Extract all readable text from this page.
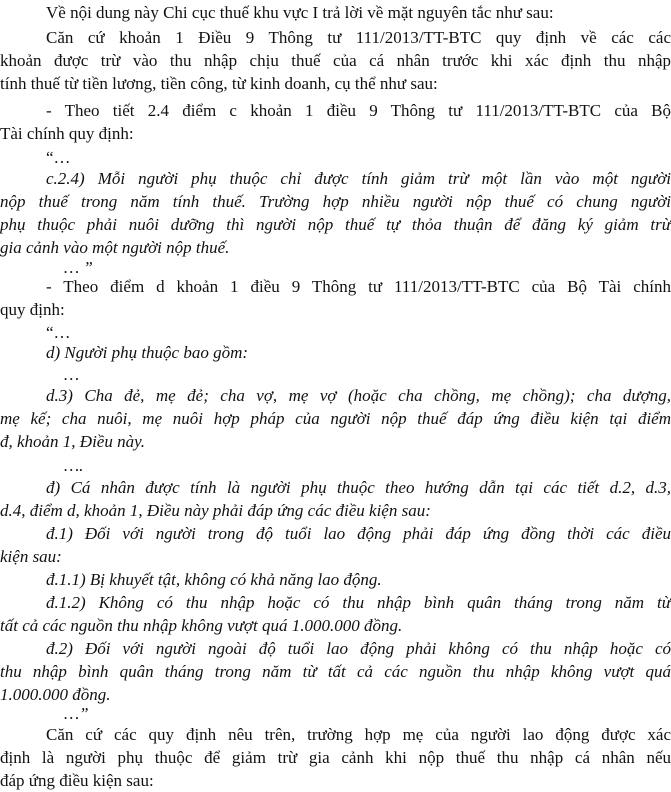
Về nội dung này Chi cục thuế khu vực I trả lời về mặt nguyên tắc như sau:
Căn cứ khoản 1 Điều 9 Thông tư 111/2013/TT-BTC quy định về các các
khoản được trừ vào thu nhập chịu thuế của cá nhân trước khi xác định thu nhập
tính thuế từ tiền lương, tiền công, từ kinh doanh, cụ thể như sau:
- Theo tiết 2.4 điểm c khoản 1 điều 9 Thông tư 111/2013/TT-BTC của Bộ
Tài chính quy định:
“…
c.2.4) Mỗi người phụ thuộc chỉ được tính giảm trừ một lần vào một người
nộp thuế trong năm tính thuế. Trường hợp nhiều người nộp thuế có chung người
phụ thuộc phải nuôi dưỡng thì người nộp thuế tự thỏa thuận để đăng ký giảm trừ
gia cảnh vào một người nộp thuế.
… ”
- Theo điểm d khoản 1 điều 9 Thông tư 111/2013/TT-BTC của Bộ Tài chính
quy định:
“…
d) Người phụ thuộc bao gồm:
…
d.3) Cha đẻ, mẹ đẻ; cha vợ, mẹ vợ (hoặc cha chồng, mẹ chồng); cha dượng,
mẹ kế; cha nuôi, mẹ nuôi hợp pháp của người nộp thuế đáp ứng điều kiện tại điểm
đ, khoản 1, Điều này.
….
đ) Cá nhân được tính là người phụ thuộc theo hướng dẫn tại các tiết d.2, d.3,
d.4, điểm d, khoản 1, Điều này phải đáp ứng các điều kiện sau:
đ.1) Đối với người trong độ tuổi lao động phải đáp ứng đồng thời các điều
kiện sau:
đ.1.1) Bị khuyết tật, không có khả năng lao động.
đ.1.2) Không có thu nhập hoặc có thu nhập bình quân tháng trong năm từ
tất cả các nguồn thu nhập không vượt quá 1.000.000 đồng.
đ.2) Đối với người ngoài độ tuổi lao động phải không có thu nhập hoặc có
thu nhập bình quân tháng trong năm từ tất cả các nguồn thu nhập không vượt quá
1.000.000 đồng.
…”
Căn cứ các quy định nêu trên, trường hợp mẹ của người lao động được xác
định là người phụ thuộc để giảm trừ gia cảnh khi nộp thuế thu nhập cá nhân nếu
đáp ứng điều kiện sau:
